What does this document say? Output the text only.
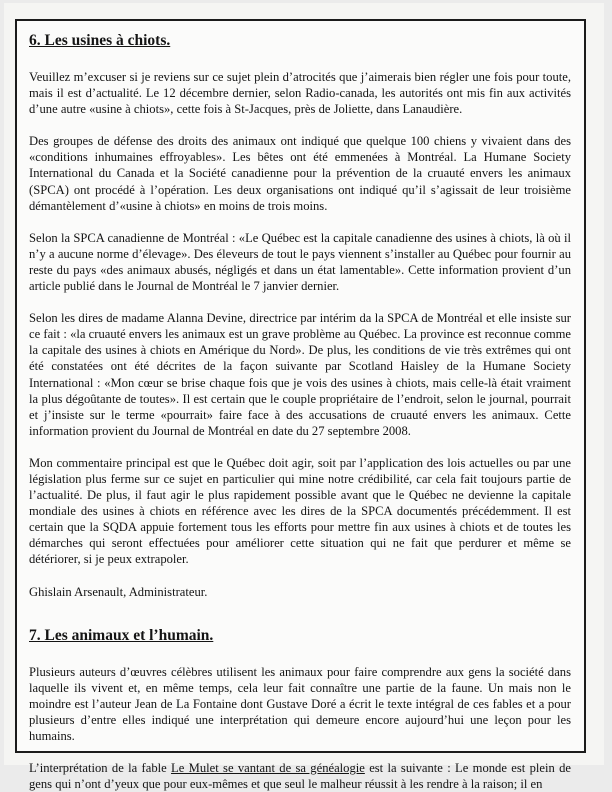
6. Les usines à chiots.

Veuillez m’excuser si je reviens sur ce sujet plein d’atrocités que j’aimerais bien régler une fois pour toute, mais il est d’actualité. Le 12 décembre dernier, selon Radio-canada, les autorités ont mis fin aux activités d’une autre «usine à chiots», cette fois à St-Jacques, près de Joliette, dans Lanaudière.

Des groupes de défense des droits des animaux ont indiqué que quelque 100 chiens y vivaient dans des «conditions inhumaines effroyables». Les bêtes ont été emmenées à Montréal. La Humane Society International du Canada et la Société canadienne pour la prévention de la cruauté envers les animaux (SPCA) ont procédé à l’opération. Les deux organisations ont indiqué qu’il s’agissait de leur troisième démantèlement d’«usine à chiots» en moins de trois moins.

Selon la SPCA canadienne de Montréal : «Le Québec est la capitale canadienne des usines à chiots, là où il n’y a aucune norme d’élevage». Des éleveurs de tout le pays viennent s’installer au Québec pour fournir au reste du pays «des animaux abusés, négligés et dans un état lamentable». Cette information provient d’un article publié dans le Journal de Montréal le 7 janvier dernier.

Selon les dires de madame Alanna Devine, directrice par intérim da la SPCA de Montréal et elle insiste sur ce fait : «la cruauté envers les animaux est un grave problème au Québec. La province est reconnue comme la capitale des usines à chiots en Amérique du Nord». De plus, les conditions de vie très extrêmes qui ont été constatées ont été décrites de la façon suivante par Scotland Haisley de la Humane Society International : «Mon cœur se brise chaque fois que je vois des usines à chiots, mais celle-là était vraiment la plus dégoûtante de toutes». Il est certain que le couple propriétaire de l’endroit, selon le journal, pourrait et j’insiste sur le terme «pourrait» faire face à des accusations de cruauté envers les animaux. Cette information provient du Journal de Montréal en date du 27 septembre 2008.

Mon commentaire principal est que le Québec doit agir, soit par l’application des lois actuelles ou par une législation plus ferme sur ce sujet en particulier qui mine notre crédibilité, car cela fait toujours partie de l’actualité. De plus, il faut agir le plus rapidement possible avant que le Québec ne devienne la capitale mondiale des usines à chiots en référence avec les dires de la SPCA documentés précédemment. Il est certain que la SQDA appuie fortement tous les efforts pour mettre fin aux usines à chiots et de toutes les démarches qui seront effectuées pour améliorer cette situation qui ne fait que perdurer et même se détériorer, si je peux extrapoler.

Ghislain Arsenault, Administrateur.

7. Les animaux et l’humain.

Plusieurs auteurs d’œuvres célèbres utilisent les animaux pour faire comprendre aux gens la société dans laquelle ils vivent et, en même temps, cela leur fait connaître une partie de la faune. Un mais non le moindre est l’auteur Jean de La Fontaine dont Gustave Doré a écrit le texte intégral de ces fables et a pour plusieurs d’entre elles indiqué une interprétation qui demeure encore aujourd’hui une leçon pour les humains.

L’interprétation de la fable Le Mulet se vantant de sa généalogie est la suivante : Le monde est plein de gens qui n’ont d’yeux que pour eux-mêmes et que seul le malheur réussit à les rendre à la raison; il en
